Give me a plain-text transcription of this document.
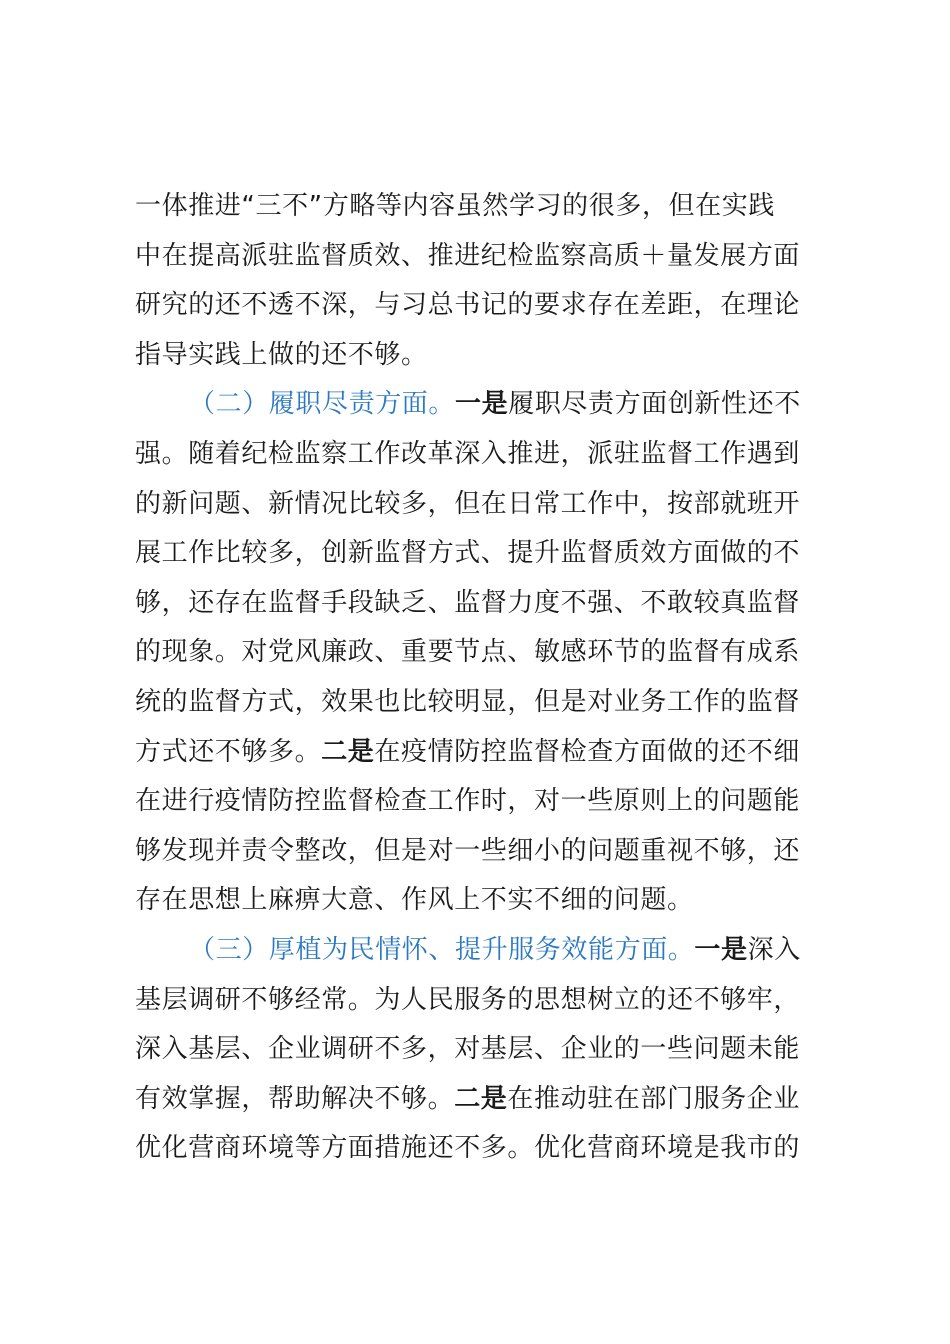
一体推进“三不”方略等内容虽然学习的很多，但在实践
中在提高派驻监督质效、推进纪检监察高质＋量发展方面
研究的还不透不深，与习总书记的要求存在差距，在理论
指导实践上做的还不够。
（二）履职尽责方面。一是履职尽责方面创新性还不
强。随着纪检监察工作改革深入推进，派驻监督工作遇到
的新问题、新情况比较多，但在日常工作中，按部就班开
展工作比较多，创新监督方式、提升监督质效方面做的不
够，还存在监督手段缺乏、监督力度不强、不敢较真监督
的现象。对党风廉政、重要节点、敏感环节的监督有成系
统的监督方式，效果也比较明显，但是对业务工作的监督
方式还不够多。二是在疫情防控监督检查方面做的还不细
在进行疫情防控监督检查工作时，对一些原则上的问题能
够发现并责令整改，但是对一些细小的问题重视不够，还
存在思想上麻痹大意、作风上不实不细的问题。
（三）厚植为民情怀、提升服务效能方面。一是深入
基层调研不够经常。为人民服务的思想树立的还不够牢，
深入基层、企业调研不多，对基层、企业的一些问题未能
有效掌握，帮助解决不够。二是在推动驻在部门服务企业
优化营商环境等方面措施还不多。优化营商环境是我市的
